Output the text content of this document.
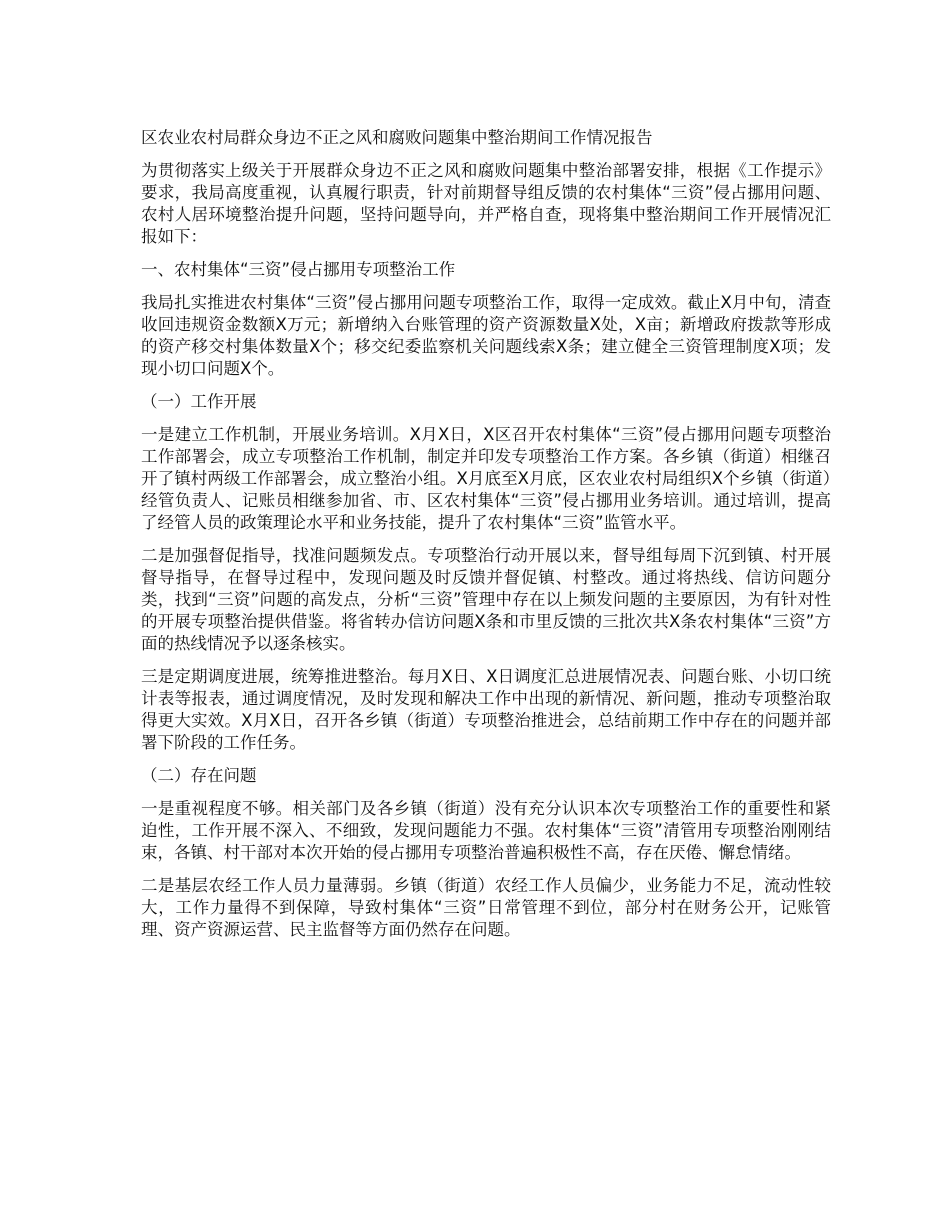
区农业农村局群众身边不正之风和腐败问题集中整治期间工作情况报告

为贯彻落实上级关于开展群众身边不正之风和腐败问题集中整治部署安排，根据《工作提示》要求，我局高度重视，认真履行职责，针对前期督导组反馈的农村集体“三资”侵占挪用问题、农村人居环境整治提升问题，坚持问题导向，并严格自查，现将集中整治期间工作开展情况汇报如下：

一、农村集体“三资”侵占挪用专项整治工作

我局扎实推进农村集体“三资”侵占挪用问题专项整治工作，取得一定成效。截止X月中旬，清查收回违规资金数额X万元；新增纳入台账管理的资产资源数量X处，X亩；新增政府拨款等形成的资产移交村集体数量X个；移交纪委监察机关问题线索X条；建立健全三资管理制度X项；发现小切口问题X个。

（一）工作开展

一是建立工作机制，开展业务培训。X月X日，X区召开农村集体“三资”侵占挪用问题专项整治工作部署会，成立专项整治工作机制，制定并印发专项整治工作方案。各乡镇（街道）相继召开了镇村两级工作部署会，成立整治小组。X月底至X月底，区农业农村局组织X个乡镇（街道）经管负责人、记账员相继参加省、市、区农村集体“三资”侵占挪用业务培训。通过培训，提高了经管人员的政策理论水平和业务技能，提升了农村集体“三资”监管水平。

二是加强督促指导，找准问题频发点。专项整治行动开展以来，督导组每周下沉到镇、村开展督导指导，在督导过程中，发现问题及时反馈并督促镇、村整改。通过将热线、信访问题分类，找到“三资”问题的高发点，分析“三资”管理中存在以上频发问题的主要原因，为有针对性的开展专项整治提供借鉴。将省转办信访问题X条和市里反馈的三批次共X条农村集体“三资”方面的热线情况予以逐条核实。

三是定期调度进展，统筹推进整治。每月X日、X日调度汇总进展情况表、问题台账、小切口统计表等报表，通过调度情况，及时发现和解决工作中出现的新情况、新问题，推动专项整治取得更大实效。X月X日，召开各乡镇（街道）专项整治推进会，总结前期工作中存在的问题并部署下阶段的工作任务。

（二）存在问题

一是重视程度不够。相关部门及各乡镇（街道）没有充分认识本次专项整治工作的重要性和紧迫性，工作开展不深入、不细致，发现问题能力不强。农村集体“三资”清管用专项整治刚刚结束，各镇、村干部对本次开始的侵占挪用专项整治普遍积极性不高，存在厌倦、懈怠情绪。

二是基层农经工作人员力量薄弱。乡镇（街道）农经工作人员偏少，业务能力不足，流动性较大，工作力量得不到保障，导致村集体“三资”日常管理不到位，部分村在财务公开，记账管理、资产资源运营、民主监督等方面仍然存在问题。
